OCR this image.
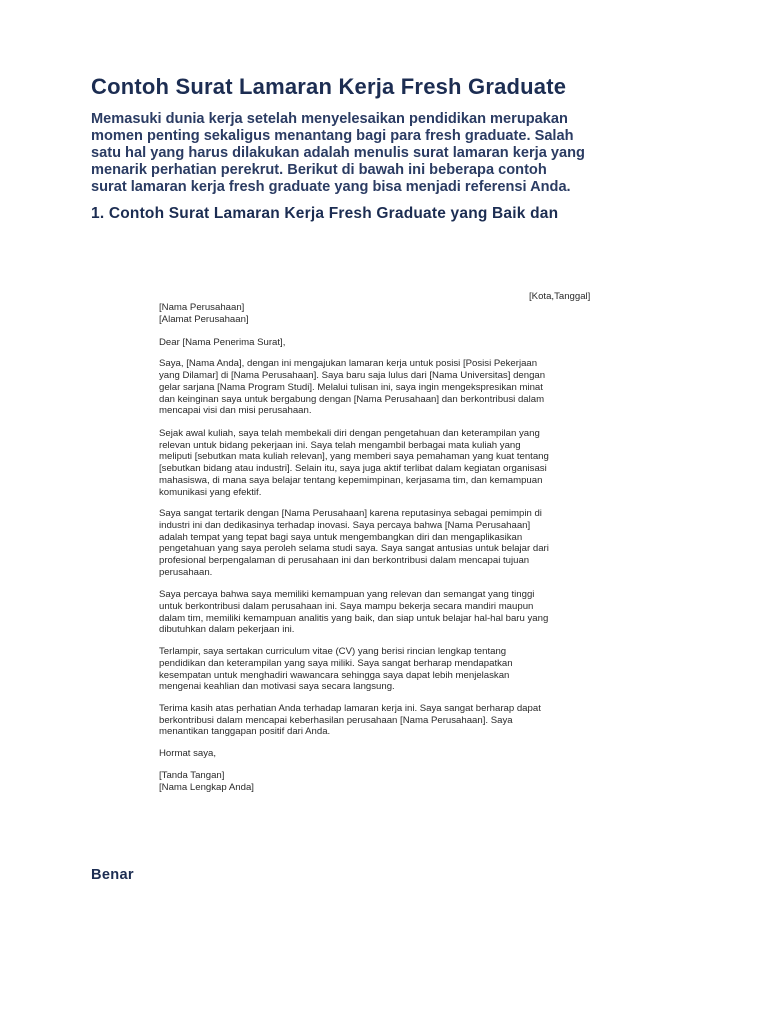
Contoh Surat Lamaran Kerja Fresh Graduate

Memasuki dunia kerja setelah menyelesaikan pendidikan merupakan
momen penting sekaligus menantang bagi para fresh graduate. Salah
satu hal yang harus dilakukan adalah menulis surat lamaran kerja yang
menarik perhatian perekrut. Berikut di bawah ini beberapa contoh
surat lamaran kerja fresh graduate yang bisa menjadi referensi Anda.

1. Contoh Surat Lamaran Kerja Fresh Graduate yang Baik dan
[Kota,Tanggal]
[Nama Perusahaan]
[Alamat Perusahaan]
Dear [Nama Penerima Surat],
Saya, [Nama Anda], dengan ini mengajukan lamaran kerja untuk posisi [Posisi Pekerjaan
yang Dilamar] di [Nama Perusahaan]. Saya baru saja lulus dari [Nama Universitas] dengan
gelar sarjana [Nama Program Studi]. Melalui tulisan ini, saya ingin mengekspresikan minat
dan keinginan saya untuk bergabung dengan [Nama Perusahaan] dan berkontribusi dalam
mencapai visi dan misi perusahaan.
Sejak awal kuliah, saya telah membekali diri dengan pengetahuan dan keterampilan yang
relevan untuk bidang pekerjaan ini. Saya telah mengambil berbagai mata kuliah yang
meliputi [sebutkan mata kuliah relevan], yang memberi saya pemahaman yang kuat tentang
[sebutkan bidang atau industri]. Selain itu, saya juga aktif terlibat dalam kegiatan organisasi
mahasiswa, di mana saya belajar tentang kepemimpinan, kerjasama tim, dan kemampuan
komunikasi yang efektif.
Saya sangat tertarik dengan [Nama Perusahaan] karena reputasinya sebagai pemimpin di
industri ini dan dedikasinya terhadap inovasi. Saya percaya bahwa [Nama Perusahaan]
adalah tempat yang tepat bagi saya untuk mengembangkan diri dan mengaplikasikan
pengetahuan yang saya peroleh selama studi saya. Saya sangat antusias untuk belajar dari
profesional berpengalaman di perusahaan ini dan berkontribusi dalam mencapai tujuan
perusahaan.
Saya percaya bahwa saya memiliki kemampuan yang relevan dan semangat yang tinggi
untuk berkontribusi dalam perusahaan ini. Saya mampu bekerja secara mandiri maupun
dalam tim, memiliki kemampuan analitis yang baik, dan siap untuk belajar hal-hal baru yang
dibutuhkan dalam pekerjaan ini.
Terlampir, saya sertakan curriculum vitae (CV) yang berisi rincian lengkap tentang
pendidikan dan keterampilan yang saya miliki. Saya sangat berharap mendapatkan
kesempatan untuk menghadiri wawancara sehingga saya dapat lebih menjelaskan
mengenai keahlian dan motivasi saya secara langsung.
Terima kasih atas perhatian Anda terhadap lamaran kerja ini. Saya sangat berharap dapat
berkontribusi dalam mencapai keberhasilan perusahaan [Nama Perusahaan]. Saya
menantikan tanggapan positif dari Anda.
Hormat saya,
[Tanda Tangan]
[Nama Lengkap Anda]

Benar
